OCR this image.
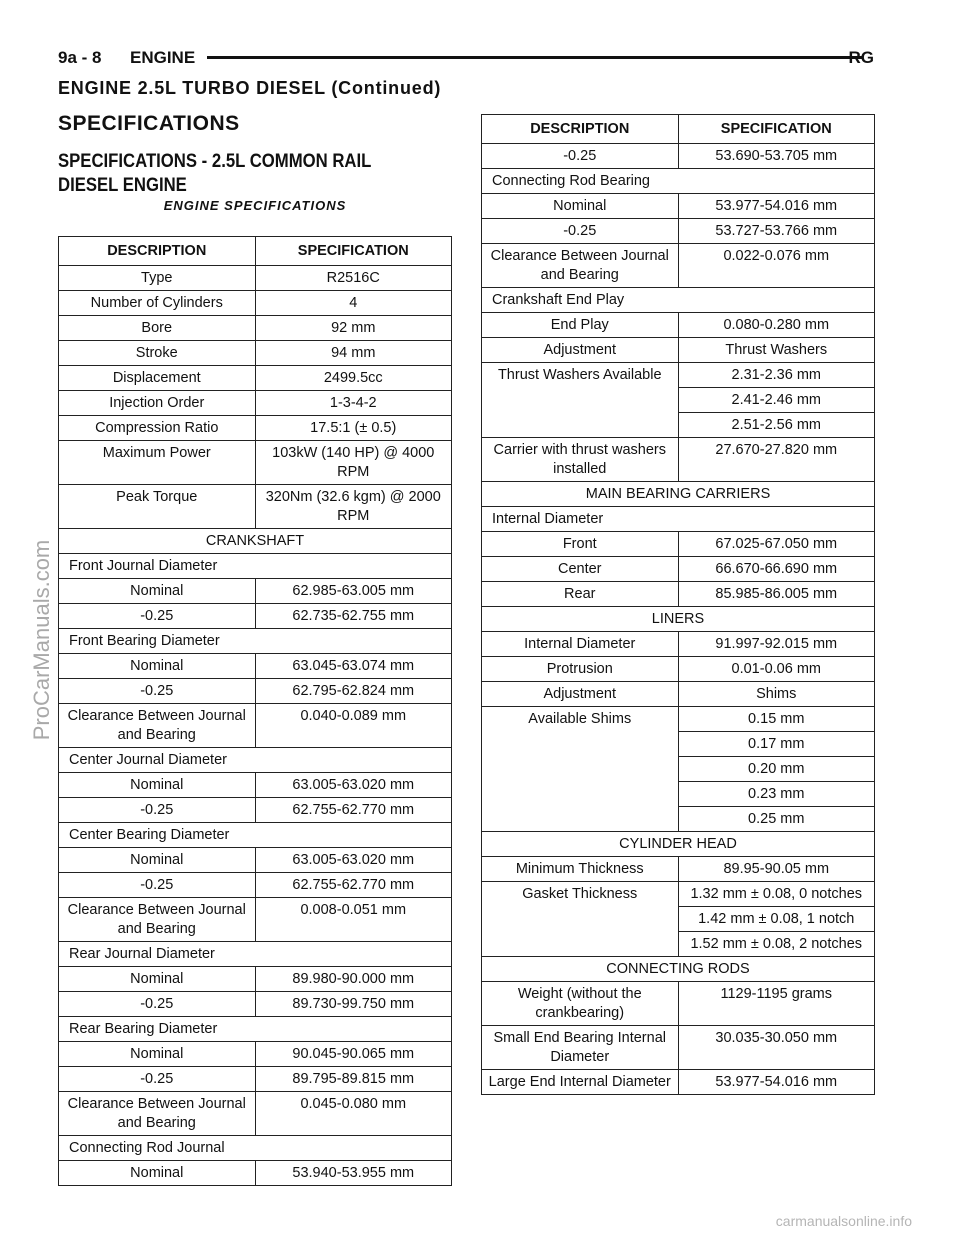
9a - 8 ENGINE	RG
ENGINE 2.5L TURBO DIESEL (Continued)
SPECIFICATIONS
SPECIFICATIONS - 2.5L COMMON RAIL DIESEL ENGINE
ENGINE SPECIFICATIONS
DESCRIPTION	SPECIFICATION
Type	R2516C
Number of Cylinders	4
Bore	92 mm
Stroke	94 mm
Displacement	2499.5cc
Injection Order	1-3-4-2
Compression Ratio	17.5:1 (± 0.5)
Maximum Power	103kW (140 HP) @ 4000 RPM
Peak Torque	320Nm (32.6 kgm) @ 2000 RPM
CRANKSHAFT	
Front Journal Diameter	
Nominal	62.985-63.005 mm
-0.25	62.735-62.755 mm
Front Bearing Diameter	
Nominal	63.045-63.074 mm
-0.25	62.795-62.824 mm
Clearance Between Journal and Bearing	0.040-0.089 mm
Center Journal Diameter	
Nominal	63.005-63.020 mm
-0.25	62.755-62.770 mm
Center Bearing Diameter	
Nominal	63.005-63.020 mm
-0.25	62.755-62.770 mm
Clearance Between Journal and Bearing	0.008-0.051 mm
Rear Journal Diameter	
Nominal	89.980-90.000 mm
-0.25	89.730-99.750 mm
Rear Bearing Diameter	
Nominal	90.045-90.065 mm
-0.25	89.795-89.815 mm
Clearance Between Journal and Bearing	0.045-0.080 mm
Connecting Rod Journal	
Nominal	53.940-53.955 mm
DESCRIPTION	SPECIFICATION
-0.25	53.690-53.705 mm
Connecting Rod Bearing	
Nominal	53.977-54.016 mm
-0.25	53.727-53.766 mm
Clearance Between Journal and Bearing	0.022-0.076 mm
Crankshaft End Play	
End Play	0.080-0.280 mm
Adjustment	Thrust Washers
Thrust Washers Available	2.31-2.36 mm
	2.41-2.46 mm
	2.51-2.56 mm
Carrier with thrust washers installed	27.670-27.820 mm
MAIN BEARING CARRIERS	
Internal Diameter	
Front	67.025-67.050 mm
Center	66.670-66.690 mm
Rear	85.985-86.005 mm
LINERS	
Internal Diameter	91.997-92.015 mm
Protrusion	0.01-0.06 mm
Adjustment	Shims
Available Shims	0.15 mm
	0.17 mm
	0.20 mm
	0.23 mm
	0.25 mm
CYLINDER HEAD	
Minimum Thickness	89.95-90.05 mm
Gasket Thickness	1.32 mm ± 0.08, 0 notches
	1.42 mm ± 0.08, 1 notch
	1.52 mm ± 0.08, 2 notches
CONNECTING RODS	
Weight (without the crankbearing)	1129-1195 grams
Small End Bearing Internal Diameter	30.035-30.050 mm
Large End Internal Diameter	53.977-54.016 mm
ProCarManuals.com
carmanualsonline.info
